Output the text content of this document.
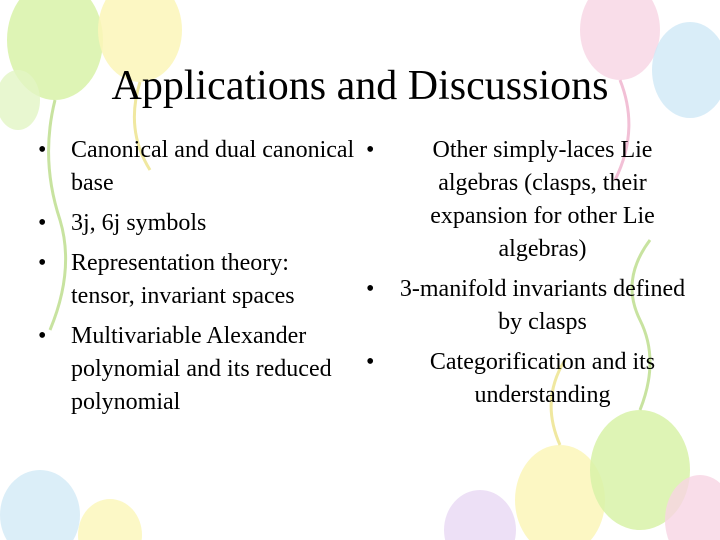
Applications and Discussions
•	Canonical and dual canonical base
•	3j, 6j symbols
•	Representation theory: tensor, invariant spaces
•	Multivariable Alexander polynomial and its reduced polynomial
•	Other simply-laces Lie algebras (clasps, their expansion for other Lie algebras)
•	3-manifold invariants defined by clasps
•	Categorification and its understanding
